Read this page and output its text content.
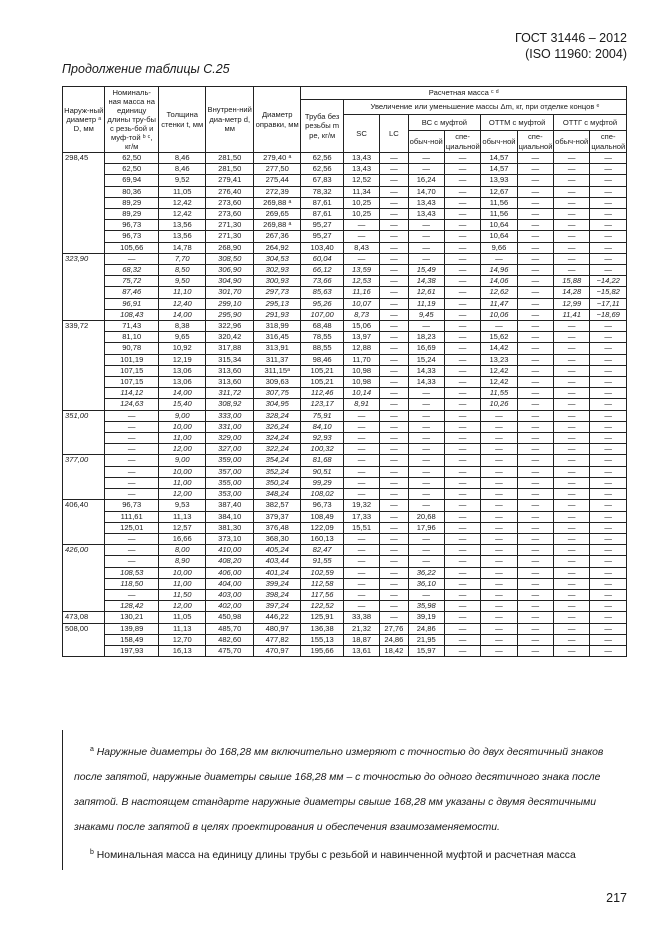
ГОСТ 31446 – 2012
(ISO 11960: 2004)
Продолжение таблицы С.25
Наруж-ный диаметр ᵃ D, мм	Номиналь-ная масса на единицу длины тру-бы с резь-бой и муф-той ᵇ ᶜ, кг/м	Толщина стенки t, мм	Внутрен-ний диа-метр d, мм	Диаметр оправки, мм	Расчетная масса ᶜ ᵈ								
					Труба без резьбы m pe, кг/м	Увеличение или уменьшение массы Δm, кг, при отделке концов ᵉ							
						SC	LC	ВС с муфтой		ОТТМ с муфтой		ОТТГ с муфтой	
								обыч-ной	спе-циальной	обыч-ной	спе-циальной	обыч-ной	спе-циальной
298,45	62,50	8,46	281,50	279,40 ᵃ	62,56	13,43	—	—	—	14,57	—	—	—
	62,50	8,46	281,50	277,50	62,56	13,43	—	—	—	14,57	—	—	—
	69,94	9,52	279,41	275,44	67,83	12,52	—	16,24	—	13,93	—	—	—
	80,36	11,05	276,40	272,39	78,32	11,34	—	14,70	—	12,67	—	—	—
	89,29	12,42	273,60	269,88 ᵃ	87,61	10,25	—	13,43	—	11,56	—	—	—
	89,29	12,42	273,60	269,65	87,61	10,25	—	13,43	—	11,56	—	—	—
	96,73	13,56	271,30	269,88 ᵃ	95,27	—	—	—	—	10,64	—	—	—
	96,73	13,56	271,30	267,36	95,27	—	—	—	—	10,64	—	—	—
	105,66	14,78	268,90	264,92	103,40	8,43	—	—	—	9,66	—	—	—
323,90	—	7,70	308,50	304,53	60,04	—	—	—	—	—	—	—	—
	68,32	8,50	306,90	302,93	66,12	13,59	—	15,49	—	14,96	—	—	—
	75,72	9,50	304,90	300,93	73,66	12,53	—	14,38	—	14,06	—	15,88	−14,22
	87,46	11,10	301,70	297,73	85,63	11,16	—	12,61	—	12,62	—	14,28	−15,82
	96,91	12,40	299,10	295,13	95,26	10,07	—	11,19	—	11,47	—	12,99	−17,11
	108,43	14,00	295,90	291,93	107,00	8,73	—	9,45	—	10,06	—	11,41	−18,69
339,72	71,43	8,38	322,96	318,99	68,48	15,06	—	—	—	—	—	—	—
	81,10	9,65	320,42	316,45	78,55	13,97	—	18,23	—	15,62	—	—	—
	90,78	10,92	317,88	313,91	88,55	12,88	—	16,69	—	14,42	—	—	—
	101,19	12,19	315,34	311,37	98,46	11,70	—	15,24	—	13,23	—	—	—
	107,15	13,06	313,60	311,15ᵃ	105,21	10,98	—	14,33	—	12,42	—	—	—
	107,15	13,06	313,60	309,63	105,21	10,98	—	14,33	—	12,42	—	—	—
	114,12	14,00	311,72	307,75	112,46	10,14	—	—	—	11,55	—	—	—
	124,63	15,40	308,92	304,95	123,17	8,91	—	—	—	10,26	—	—	—
351,00	—	9,00	333,00	328,24	75,91	—	—	—	—	—	—	—	—
	—	10,00	331,00	326,24	84,10	—	—	—	—	—	—	—	—
	—	11,00	329,00	324,24	92,93	—	—	—	—	—	—	—	—
	—	12,00	327,00	322,24	100,32	—	—	—	—	—	—	—	—
377,00	—	9,00	359,00	354,24	81,68	—	—	—	—	—	—	—	—
	—	10,00	357,00	352,24	90,51	—	—	—	—	—	—	—	—
	—	11,00	355,00	350,24	99,29	—	—	—	—	—	—	—	—
	—	12,00	353,00	348,24	108,02	—	—	—	—	—	—	—	—
406,40	96,73	9,53	387,40	382,57	96,73	19,32	—	—	—	—	—	—	—
	111,61	11,13	384,10	379,37	108,49	17,33	—	20,68	—	—	—	—	—
	125,01	12,57	381,30	376,48	122,09	15,51	—	17,96	—	—	—	—	—
	—	16,66	373,10	368,30	160,13	—	—	—	—	—	—	—	—
426,00	—	8,00	410,00	405,24	82,47	—	—	—	—	—	—	—	—
	—	8,90	408,20	403,44	91,55	—	—	—	—	—	—	—	—
	108,53	10,00	406,00	401,24	102,59	—	—	36,22	—	—	—	—	—
	118,50	11,00	404,00	399,24	112,58	—	—	36,10	—	—	—	—	—
	—	11,50	403,00	398,24	117,56	—	—	—	—	—	—	—	—
	128,42	12,00	402,00	397,24	122,52	—	—	35,98	—	—	—	—	—
473,08	130,21	11,05	450,98	446,22	125,91	33,38	—	39,19	—	—	—	—	—
508,00	139,89	11,13	485,70	480,97	136,38	21,32	27,76	24,86	—	—	—	—	—
	158,49	12,70	482,60	477,82	155,13	18,87	24,86	21,95	—	—	—	—	—
	197,93	16,13	475,70	470,97	195,66	13,61	18,42	15,97	—	—	—	—	—

$^a$ Наружные диаметры до 168,28 мм включительно измеряют с точностью до двух десятичный знаков после запятой, наружные диаметры свыше 168,28 мм – с точностью до одного десятичного знака после запятой. В настоящем стандарте наружные диаметры свыше 168,28 мм указаны с двумя десятичными знаками после запятой в целях проектирования и обеспечения взаимозаменяемости.

$^b$ Номинальная масса на единицу длины трубы с резьбой и навинченной муфтой и расчетная масса

217
